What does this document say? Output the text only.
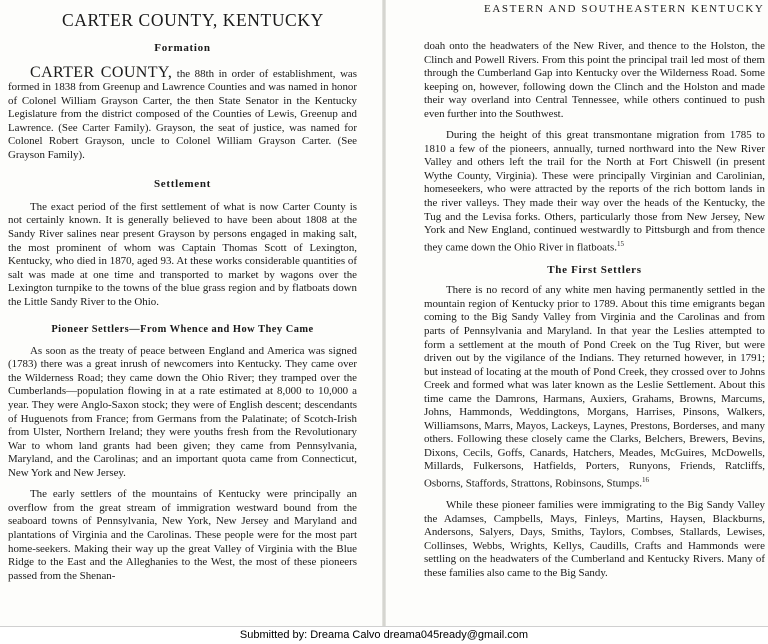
CARTER COUNTY, KENTUCKY
Formation

CARTER COUNTY, the 88th in order of establishment, was formed in 1838 from Greenup and Lawrence Counties and was named in honor of Colonel William Grayson Carter, the then State Senator in the Kentucky Legislature from the district composed of the Counties of Lewis, Greenup and Lawrence. (See Carter Family). Grayson, the seat of justice, was named for Colonel Robert Grayson, uncle to Colonel William Grayson Carter. (See Grayson Family).

Settlement

The exact period of the first settlement of what is now Carter County is not certainly known. It is generally believed to have been about 1808 at the Sandy River salines near present Grayson by persons engaged in making salt, the most prominent of whom was Captain Thomas Scott of Lexington, Kentucky, who died in 1870, aged 93. At these works considerable quantities of salt was made at one time and transported to market by wagons over the Lexington turnpike to the towns of the blue grass region and by flatboats down the Little Sandy River to the Ohio.

Pioneer Settlers—From Whence and How They Came

As soon as the treaty of peace between England and America was signed (1783) there was a great inrush of newcomers into Kentucky. They came over the Wilderness Road; they came down the Ohio River; they tramped over the Cumberlands—population flowing in at a rate estimated at 8,000 to 10,000 a year. They were Anglo-Saxon stock; they were of English descent; descendants of Huguenots from France; from Germans from the Palatinate; of Scotch-Irish from Ulster, Northern Ireland; they were youths fresh from the Revolutionary War to whom land grants had been given; they came from Pennsylvania, Maryland, and the Carolinas; and an important quota came from Connecticut, New York and New Jersey.

The early settlers of the mountains of Kentucky were principally an overflow from the great stream of immigration westward bound from the seaboard towns of Pennsylvania, New York, New Jersey and Maryland and plantations of Virginia and the Carolinas. These people were for the most part home-seekers. Making their way up the great Valley of Virginia with the Blue Ridge to the East and the Alleghanies to the West, the most of these pioneers passed from the Shenan-

EASTERN AND SOUTHEASTERN KENTUCKY

doah onto the headwaters of the New River, and thence to the Holston, the Clinch and Powell Rivers. From this point the principal trail led most of them through the Cumberland Gap into Kentucky over the Wilderness Road. Some keeping on, however, following down the Clinch and the Holston and made their way overland into Central Tennessee, while others continued to push even further into the Southwest.

During the height of this great transmontane migration from 1785 to 1810 a few of the pioneers, annually, turned northward into the New River Valley and others left the trail for the North at Fort Chiswell (in present Wythe County, Virginia). These were principally Virginian and Carolinian, homeseekers, who were attracted by the reports of the rich bottom lands in the river valleys. They made their way over the heads of the Kentucky, the Tug and the Levisa forks. Others, particularly those from New Jersey, New York and New England, continued westwardly to Pittsburgh and from thence they came down the Ohio River in flatboats.$^{15}$

The First Settlers

There is no record of any white men having permanently settled in the mountain region of Kentucky prior to 1789. About this time emigrants began coming to the Big Sandy Valley from Virginia and the Carolinas and from parts of Pennsylvania and Maryland. In that year the Leslies attempted to form a settlement at the mouth of Pond Creek on the Tug River, but were driven out by the vigilance of the Indians. They returned however, in 1791; but instead of locating at the mouth of Pond Creek, they crossed over to Johns Creek and formed what was later known as the Leslie Settlement. About this time came the Damrons, Harmans, Auxiers, Grahams, Browns, Marcums, Johns, Hammonds, Weddingtons, Morgans, Harrises, Pinsons, Walkers, Williamsons, Marrs, Mayos, Lackeys, Laynes, Prestons, Borderses, and many others. Following these closely came the Clarks, Belchers, Brewers, Bevins, Dixons, Cecils, Goffs, Canards, Hatchers, Meades, McGuires, McDowells, Millards, Fulkersons, Hatfields, Porters, Runyons, Friends, Ratcliffs, Osborns, Staffords, Strattons, Robinsons, Stumps.$^{16}$

While these pioneer families were immigrating to the Big Sandy Valley the Adamses, Campbells, Mays, Finleys, Martins, Haysen, Blackburns, Andersons, Salyers, Days, Smiths, Taylors, Combses, Stallards, Lewises, Collinses, Webbs, Wrights, Kellys, Caudills, Crafts and Hammonds were settling on the headwaters of the Cumberland and Kentucky Rivers. Many of these families also came to the Big Sandy.

Submitted by: Dreama Calvo dreama045ready@gmail.com
